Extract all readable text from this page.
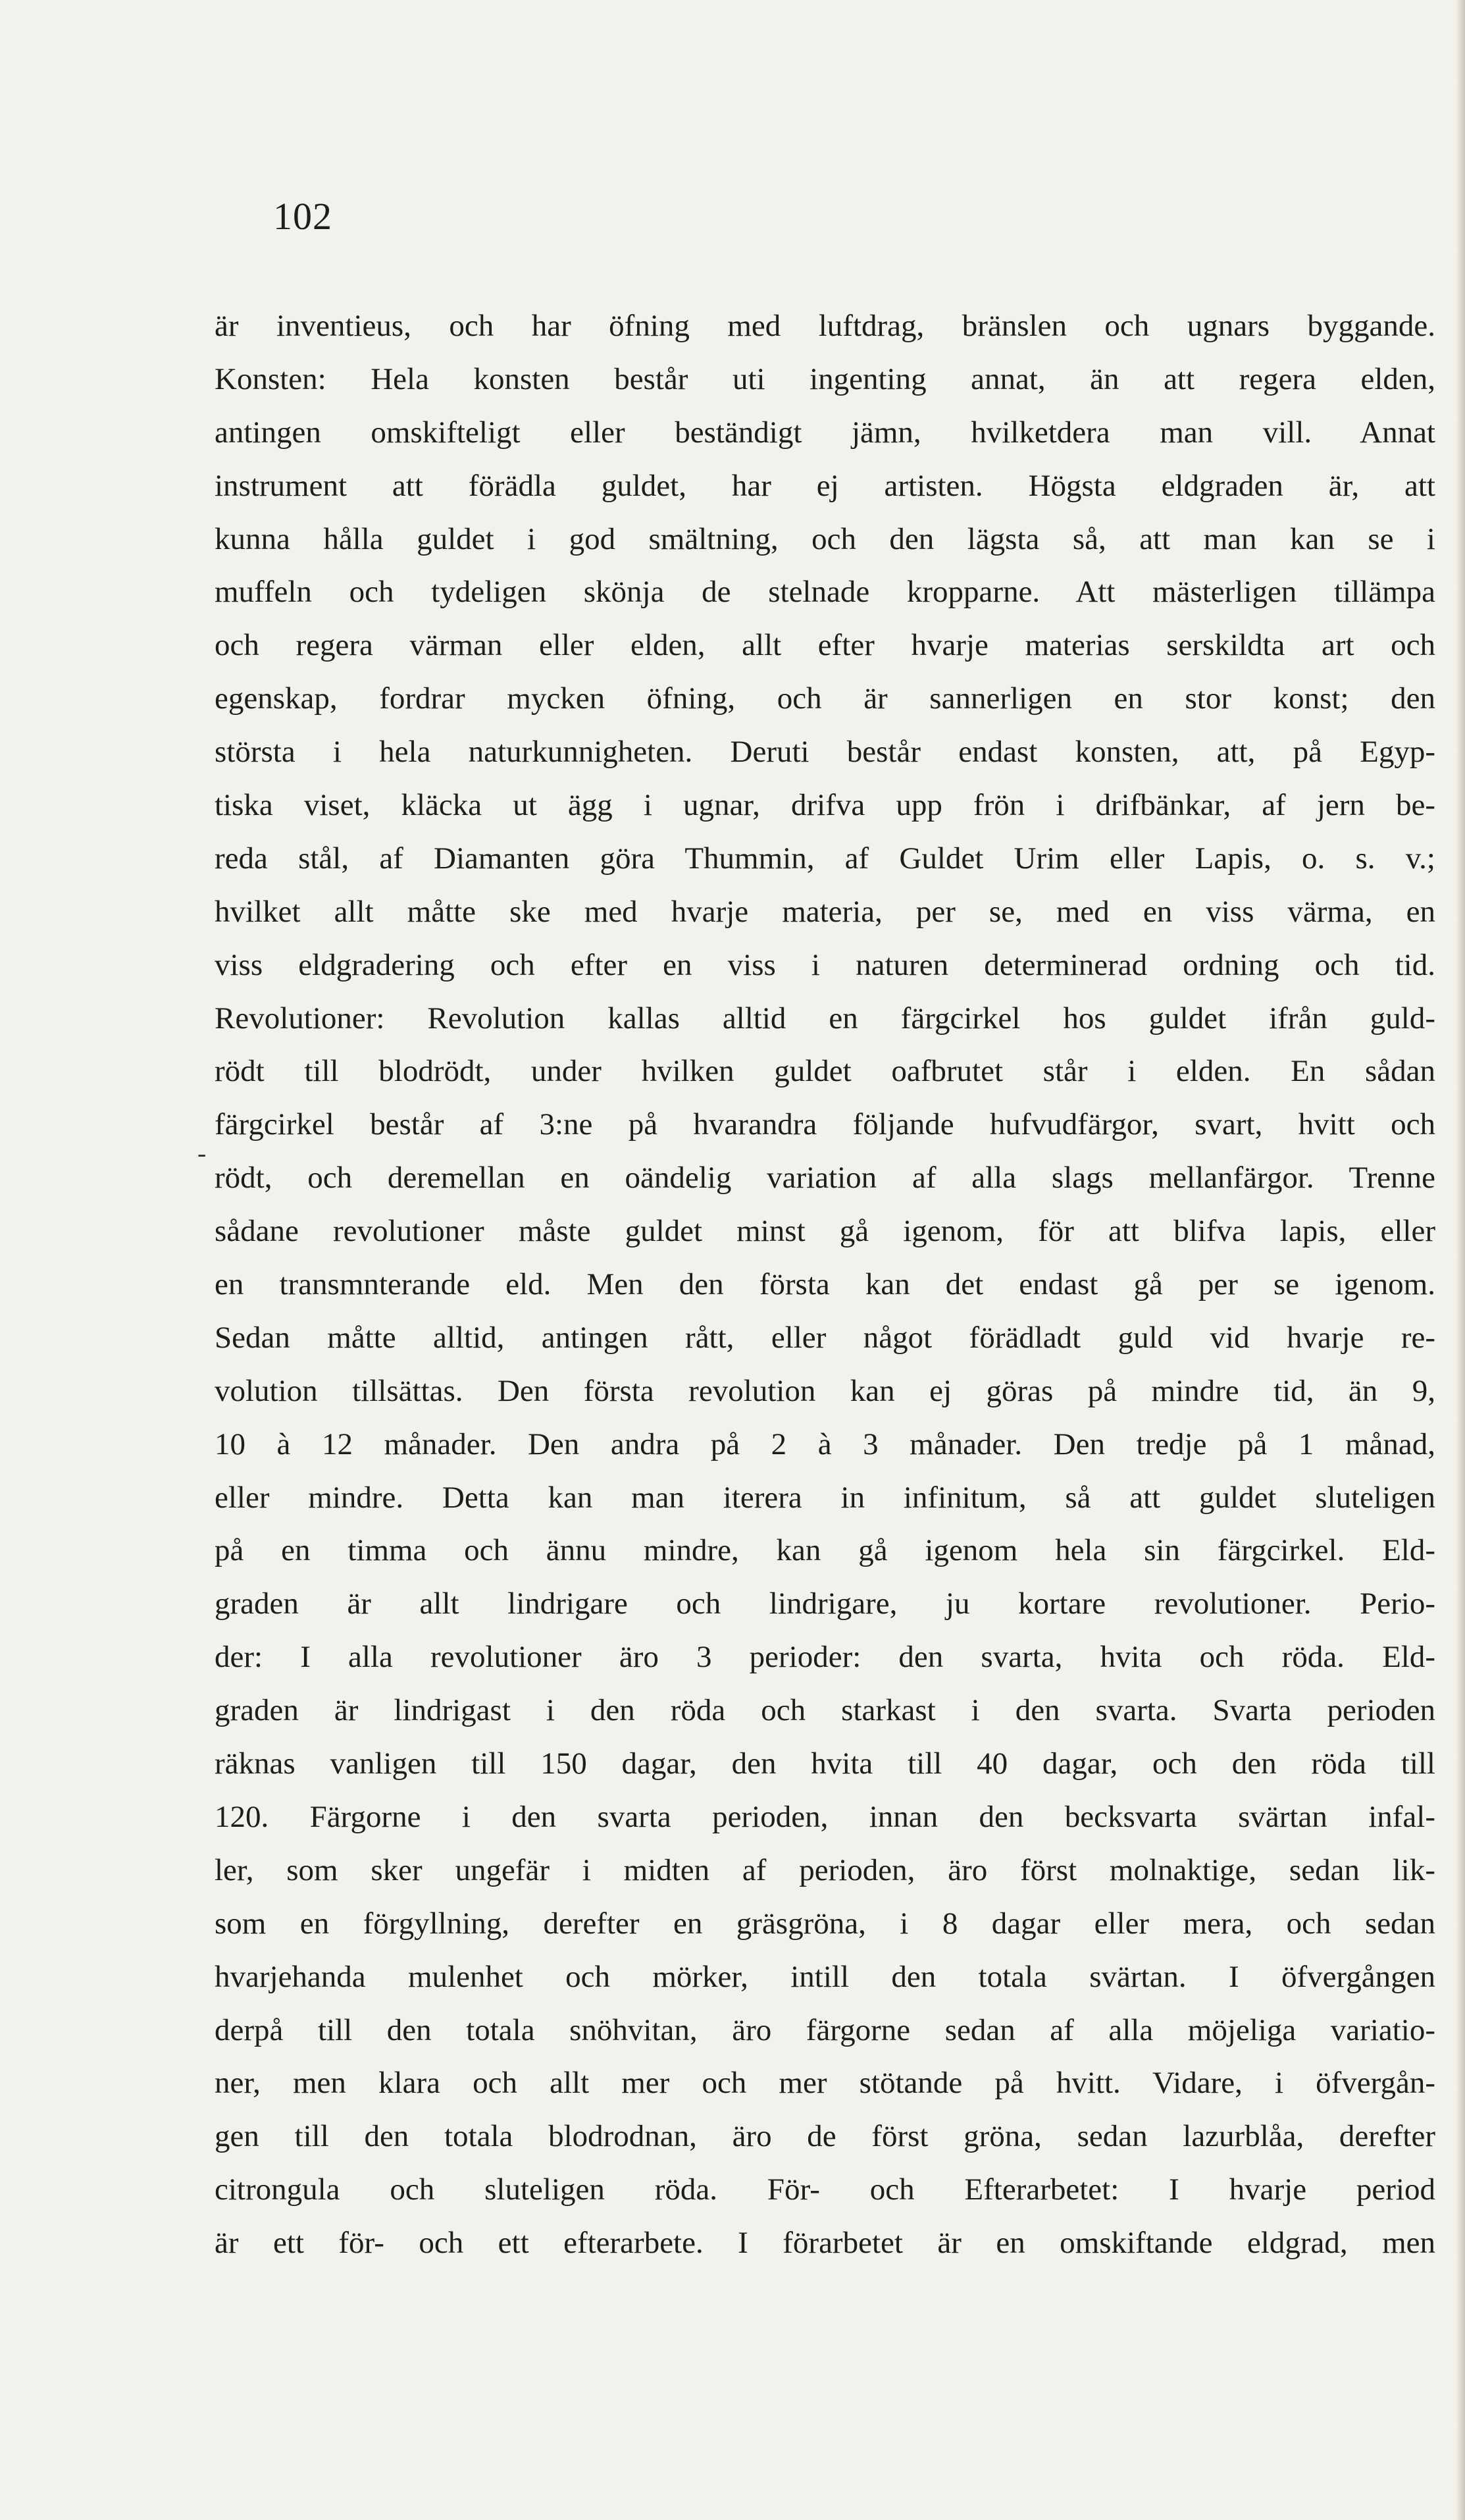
102
-
är inventieus, och har öfning med luftdrag, bränslen och ugnars byggande.
Konsten: Hela konsten består uti ingenting annat, än att regera elden,
antingen omskifteligt eller beständigt jämn, hvilketdera man vill. Annat
instrument att förädla guldet, har ej artisten. Högsta eldgraden är, att
kunna hålla guldet i god smältning, och den lägsta så, att man kan se i
muffeln och tydeligen skönja de stelnade kropparne. Att mästerligen tillämpa
och regera värman eller elden, allt efter hvarje materias serskildta art och
egenskap, fordrar mycken öfning, och är sannerligen en stor konst; den
största i hela naturkunnigheten. Deruti består endast konsten, att, på Egyp-
tiska viset, kläcka ut ägg i ugnar, drifva upp frön i drifbänkar, af jern be-
reda stål, af Diamanten göra Thummin, af Guldet Urim eller Lapis, o. s. v.;
hvilket allt måtte ske med hvarje materia, per se, med en viss värma, en
viss eldgradering och efter en viss i naturen determinerad ordning och tid.
Revolutioner: Revolution kallas alltid en färgcirkel hos guldet ifrån guld-
rödt till blodrödt, under hvilken guldet oafbrutet står i elden. En sådan
färgcirkel består af 3:ne på hvarandra följande hufvudfärgor, svart, hvitt och
rödt, och deremellan en oändelig variation af alla slags mellanfärgor. Trenne
sådane revolutioner måste guldet minst gå igenom, för att blifva lapis, eller
en transmnterande eld. Men den första kan det endast gå per se igenom.
Sedan måtte alltid, antingen rått, eller något förädladt guld vid hvarje re-
volution tillsättas. Den första revolution kan ej göras på mindre tid, än 9,
10 à 12 månader. Den andra på 2 à 3 månader. Den tredje på 1 månad,
eller mindre. Detta kan man iterera in infinitum, så att guldet sluteligen
på en timma och ännu mindre, kan gå igenom hela sin färgcirkel. Eld-
graden är allt lindrigare och lindrigare, ju kortare revolutioner. Perio-
der: I alla revolutioner äro 3 perioder: den svarta, hvita och röda. Eld-
graden är lindrigast i den röda och starkast i den svarta. Svarta perioden
räknas vanligen till 150 dagar, den hvita till 40 dagar, och den röda till
120. Färgorne i den svarta perioden, innan den becksvarta svärtan infal-
ler, som sker ungefär i midten af perioden, äro först molnaktige, sedan lik-
som en förgyllning, derefter en gräsgröna, i 8 dagar eller mera, och sedan
hvarjehanda mulenhet och mörker, intill den totala svärtan. I öfvergången
derpå till den totala snöhvitan, äro färgorne sedan af alla möjeliga variatio-
ner, men klara och allt mer och mer stötande på hvitt. Vidare, i öfvergån-
gen till den totala blodrodnan, äro de först gröna, sedan lazurblåa, derefter
citrongula och sluteligen röda. För- och Efterarbetet: I hvarje period
är ett för- och ett efterarbete. I förarbetet är en omskiftande eldgrad, men
